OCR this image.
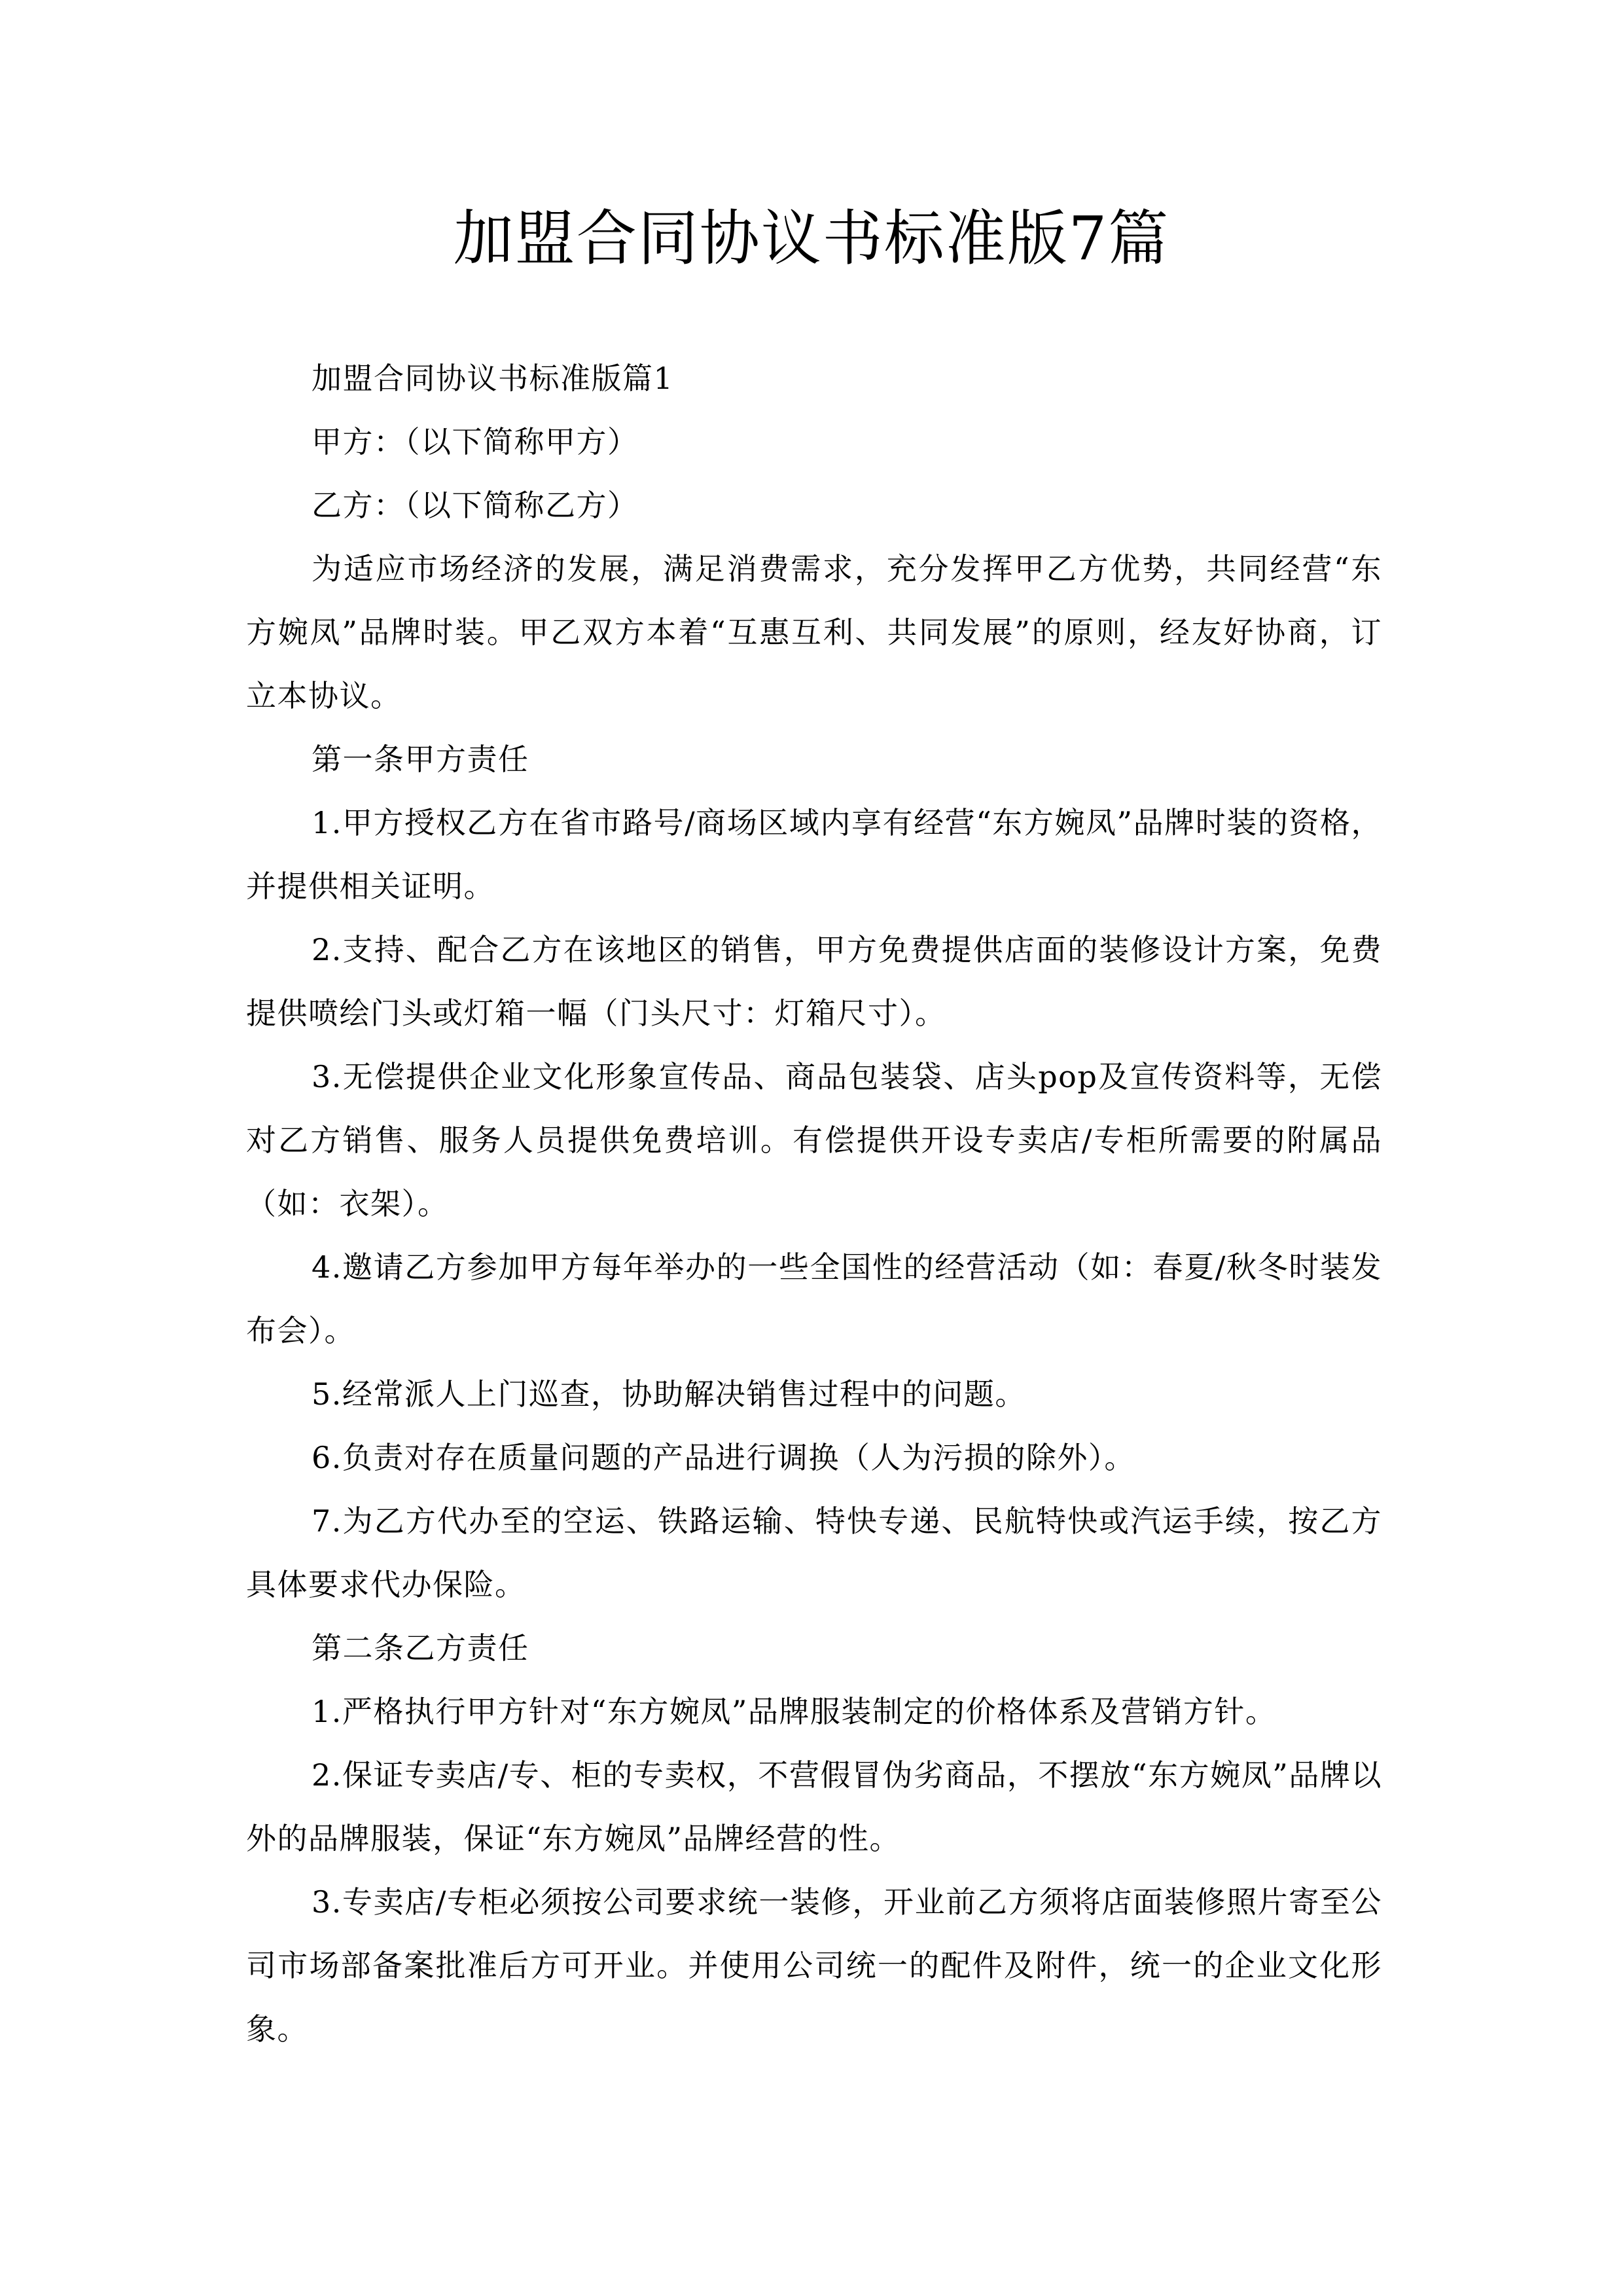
加盟合同协议书标准版7篇

加盟合同协议书标准版篇1

甲方：（以下简称甲方）

乙方：（以下简称乙方）

为适应市场经济的发展，满足消费需求，充分发挥甲乙方优势，共同经营“东方婉凤”品牌时装。甲乙双方本着“互惠互利、共同发展”的原则，经友好协商，订立本协议。

第一条甲方责任

1.甲方授权乙方在省市路号/商场区域内享有经营“东方婉凤”品牌时装的资格，并提供相关证明。

2.支持、配合乙方在该地区的销售，甲方免费提供店面的装修设计方案，免费提供喷绘门头或灯箱一幅（门头尺寸：灯箱尺寸）。

3.无偿提供企业文化形象宣传品、商品包装袋、店头pop及宣传资料等，无偿对乙方销售、服务人员提供免费培训。有偿提供开设专卖店/专柜所需要的附属品（如：衣架）。

4.邀请乙方参加甲方每年举办的一些全国性的经营活动（如：春夏/秋冬时装发布会）。

5.经常派人上门巡查，协助解决销售过程中的问题。

6.负责对存在质量问题的产品进行调换（人为污损的除外）。

7.为乙方代办至的空运、铁路运输、特快专递、民航特快或汽运手续，按乙方具体要求代办保险。

第二条乙方责任

1.严格执行甲方针对“东方婉凤”品牌服装制定的价格体系及营销方针。

2.保证专卖店/专、柜的专卖权，不营假冒伪劣商品，不摆放“东方婉凤”品牌以外的品牌服装，保证“东方婉凤”品牌经营的性。

3.专卖店/专柜必须按公司要求统一装修，开业前乙方须将店面装修照片寄至公司市场部备案批准后方可开业。并使用公司统一的配件及附件，统一的企业文化形象。
